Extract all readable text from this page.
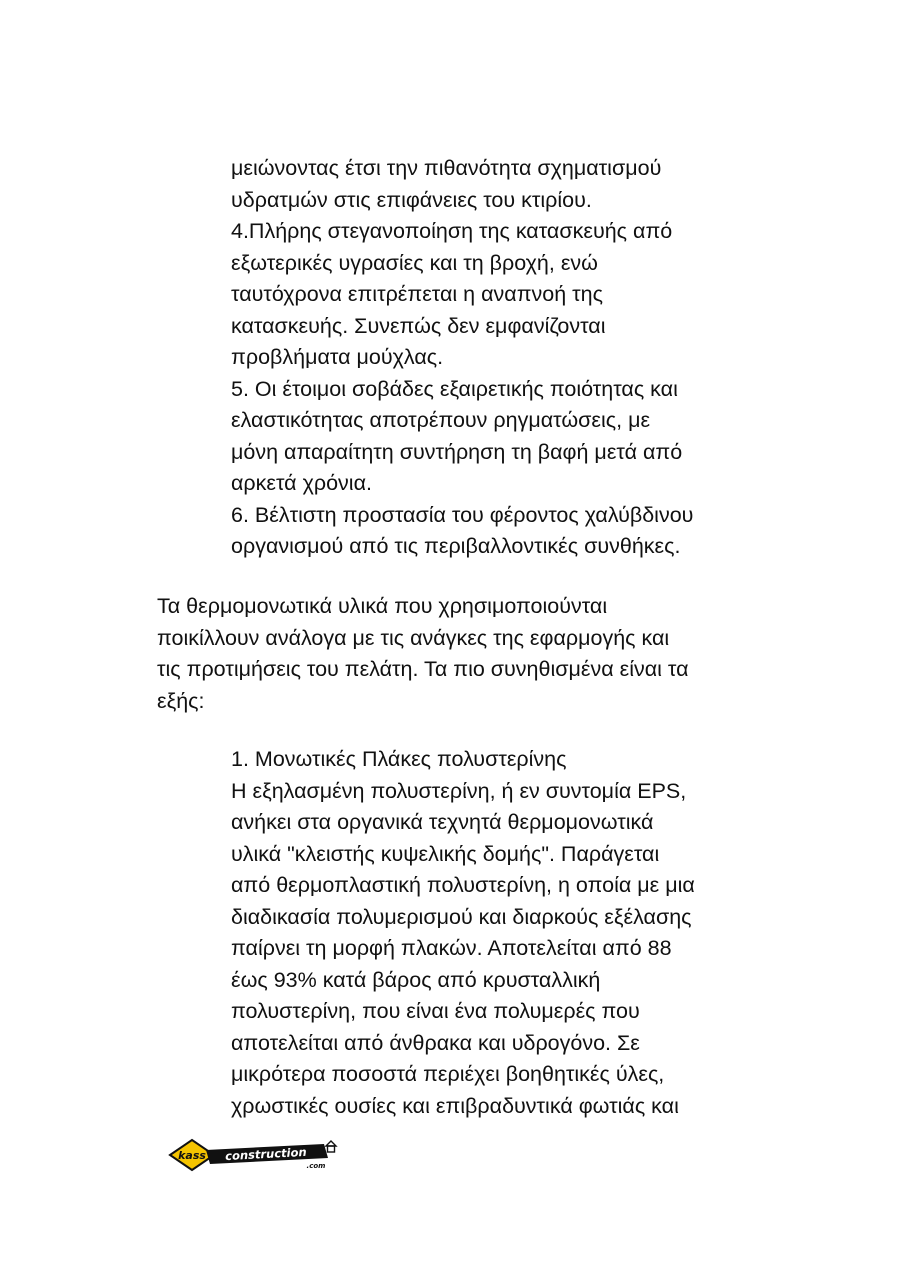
μειώνοντας έτσι την πιθανότητα σχηματισμού
υδρατμών στις επιφάνειες του κτιρίου.
4.Πλήρης στεγανοποίηση της κατασκευής από
εξωτερικές υγρασίες και τη βροχή, ενώ
ταυτόχρονα επιτρέπεται η αναπνοή της
κατασκευής. Συνεπώς δεν εμφανίζονται
προβλήματα μούχλας.
5. Οι έτοιμοι σοβάδες εξαιρετικής ποιότητας και
ελαστικότητας αποτρέπουν ρηγματώσεις, με
μόνη απαραίτητη συντήρηση τη βαφή μετά από
αρκετά χρόνια.
6. Βέλτιστη προστασία του φέροντος χαλύβδινου
οργανισμού από τις περιβαλλοντικές συνθήκες.
Τα θερμομονωτικά υλικά που χρησιμοποιούνται
ποικίλλουν ανάλογα με τις ανάγκες της εφαρμογής και
τις προτιμήσεις του πελάτη. Τα πιο συνηθισμένα είναι τα
εξής:
1. Μονωτικές Πλάκες πολυστερίνης
Η εξηλασμένη πολυστερίνη, ή εν συντομία EPS,
ανήκει στα οργανικά τεχνητά θερμομονωτικά
υλικά "κλειστής κυψελικής δομής". Παράγεται
από θερμοπλαστική πολυστερίνη, η οποία με μια
διαδικασία πολυμερισμού και διαρκούς εξέλασης
παίρνει τη μορφή πλακών. Αποτελείται από 88
έως 93% κατά βάρος από κρυσταλλική
πολυστερίνη, που είναι ένα πολυμερές που
αποτελείται από άνθρακα και υδρογόνο. Σε
μικρότερα ποσοστά περιέχει βοηθητικές ύλες,
χρωστικές ουσίες και επιβραδυντικά φωτιάς και
kass construction
.com
